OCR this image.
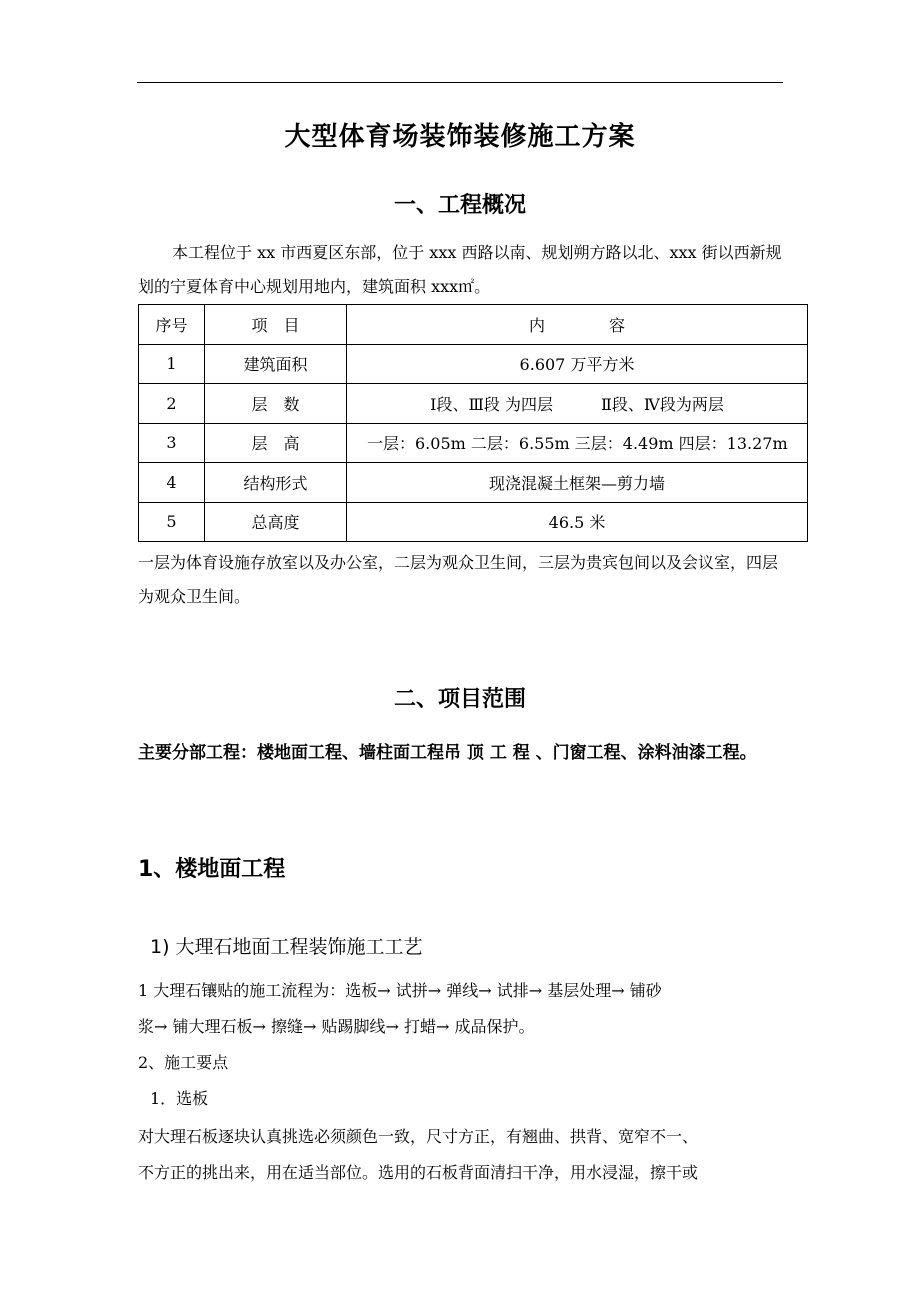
大型体育场装饰装修施工方案
一、工程概况
本工程位于 xx 市西夏区东部，位于 xxx 西路以南、规划朔方路以北、xxx 街以西新规划的宁夏体育中心规划用地内，建筑面积 xxx㎡。
序号	项　目	内　　　　容
1	建筑面积	6.607 万平方米
2	层　数	Ⅰ段、Ⅲ段 为四层　　　Ⅱ段、Ⅳ段为两层
3	层　高	一层：6.05m 二层：6.55m 三层：4.49m 四层：13.27m
4	结构形式	现浇混凝土框架—剪力墙
5	总高度	46.5 米
一层为体育设施存放室以及办公室，二层为观众卫生间，三层为贵宾包间以及会议室，四层为观众卫生间。
二、项目范围
主要分部工程：楼地面工程、墙柱面工程吊 顶 工 程 、门窗工程、涂料油漆工程。
1、楼地面工程
1) 大理石地面工程装饰施工工艺
1 大理石镶贴的施工流程为：选板→ 试拼→ 弹线→ 试排→ 基层处理→ 铺砂
浆→ 铺大理石板→ 擦缝→ 贴踢脚线→ 打蜡→ 成品保护。
2、施工要点
1．选板
对大理石板逐块认真挑选必须颜色一致，尺寸方正，有翘曲、拱背、宽窄不一、
不方正的挑出来，用在适当部位。选用的石板背面清扫干净，用水浸湿，擦干或
